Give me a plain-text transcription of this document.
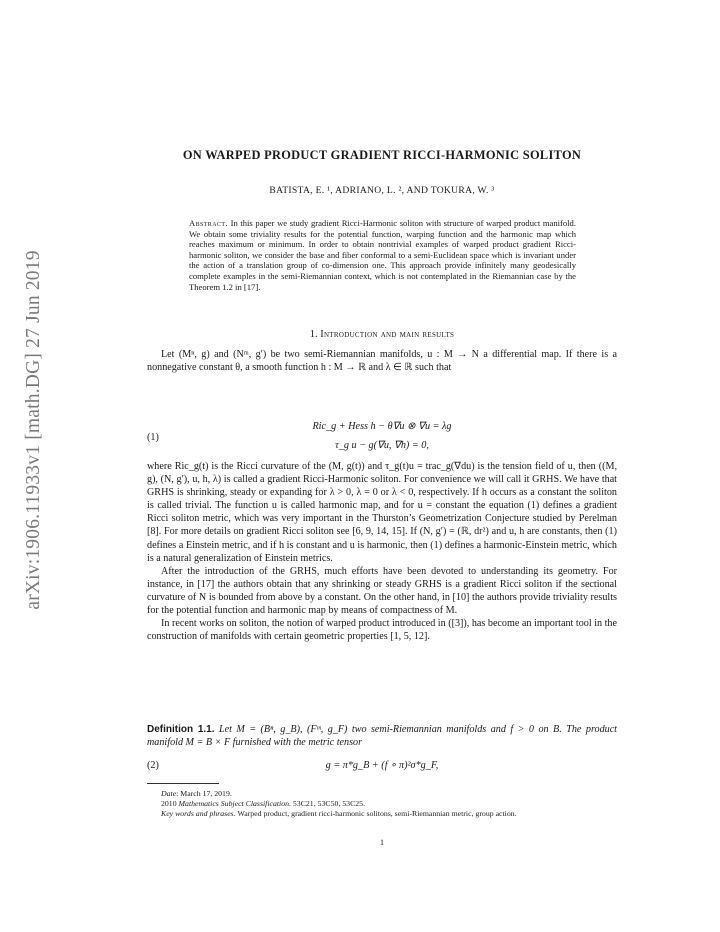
arXiv:1906.11933v1 [math.DG] 27 Jun 2019
ON WARPED PRODUCT GRADIENT RICCI-HARMONIC SOLITON
BATISTA, E. ¹, ADRIANO, L. ², AND TOKURA, W. ³
Abstract. In this paper we study gradient Ricci-Harmonic soliton with structure of warped product manifold. We obtain some triviality results for the potential function, warping function and the harmonic map which reaches maximum or minimum. In order to obtain nontrivial examples of warped product gradient Ricci-harmonic soliton, we consider the base and fiber conformal to a semi-Euclidean space which is invariant under the action of a translation group of co-dimension one. This approach provide infinitely many geodesically complete examples in the semi-Riemannian context, which is not contemplated in the Riemannian case by the Theorem 1.2 in [17].
1. Introduction and main results

Let (Mⁿ, g) and (Nᵐ, g′) be two semi-Riemannian manifolds, u : M → N a differential map. If there is a nonnegative constant θ, a smooth function h : M → ℝ and λ ∈ ℝ such that

(1)
Ric_g + Hess h − θ∇u ⊗ ∇u = λg
τ_g u − g(∇u, ∇h) = 0,

where Ric_g(t) is the Ricci curvature of the (M, g(t)) and τ_g(t)u = trac_g(∇du) is the tension field of u, then ((M, g), (N, g′), u, h, λ) is called a gradient Ricci-Harmonic soliton. For convenience we will call it GRHS. We have that GRHS is shrinking, steady or expanding for λ > 0, λ = 0 or λ < 0, respectively. If h occurs as a constant the soliton is called trivial. The function u is called harmonic map, and for u = constant the equation (1) defines a gradient Ricci soliton metric, which was very important in the Thurston’s Geometrization Conjecture studied by Perelman [8]. For more details on gradient Ricci soliton see [6, 9, 14, 15]. If (N, g′) = (ℝ, dr²) and u, h are constants, then (1) defines a Einstein metric, and if h is constant and u is harmonic, then (1) defines a harmonic-Einstein metric, which is a natural generalization of Einstein metrics.

After the introduction of the GRHS, much efforts have been devoted to understanding its geometry. For instance, in [17] the authors obtain that any shrinking or steady GRHS is a gradient Ricci soliton if the sectional curvature of N is bounded from above by a constant. On the other hand, in [10] the authors provide triviality results for the potential function and harmonic map by means of compactness of M.

In recent works on soliton, the notion of warped product introduced in ([3]), has become an important tool in the construction of manifolds with certain geometric properties [1, 5, 12].

Definition 1.1. Let M = (Bⁿ, g_B), (Fᵐ, g_F) two semi-Riemannian manifolds and f > 0 on B. The product manifold M = B × F furnished with the metric tensor
(2)	g = π*g_B + (f ∘ π)²σ*g_F,

Date: March 17, 2019.

2010 Mathematics Subject Classification. 53C21, 53C50, 53C25.

Key words and phrases. Warped product, gradient ricci-harmonic solitons, semi-Riemannian metric, group action.

1
